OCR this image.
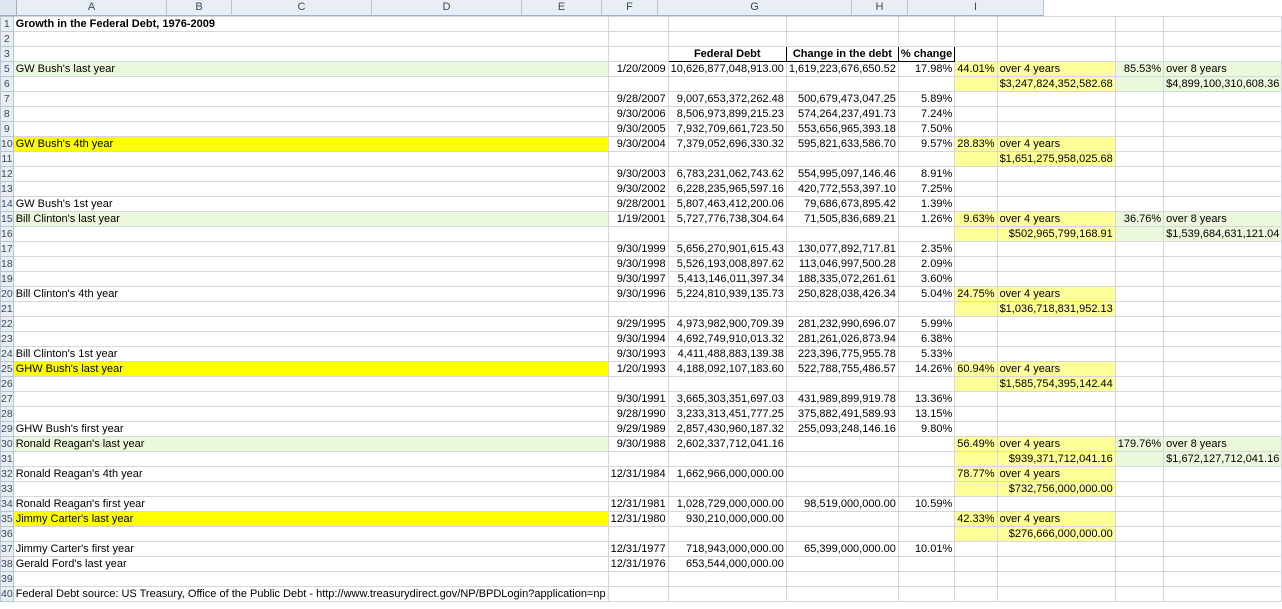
A	B	C	D	E	F	G	H	I
1	Growth in the Federal Debt, 1976-2009								
2									
3			Federal Debt	Change in the debt	% change				
5	GW Bush's last year	1/20/2009	10,626,877,048,913.00	1,619,223,676,650.52	17.98%	44.01%	over 4 years	85.53%	over 8 years
6							$3,247,824,352,582.68		$4,899,100,310,608.36
7		9/28/2007	9,007,653,372,262.48	500,679,473,047.25	5.89%				
8		9/30/2006	8,506,973,899,215.23	574,264,237,491.73	7.24%				
9		9/30/2005	7,932,709,661,723.50	553,656,965,393.18	7.50%				
10	GW Bush's 4th year	9/30/2004	7,379,052,696,330.32	595,821,633,586.70	9.57%	28.83%	over 4 years		
11							$1,651,275,958,025.68		
12		9/30/2003	6,783,231,062,743.62	554,995,097,146.46	8.91%				
13		9/30/2002	6,228,235,965,597.16	420,772,553,397.10	7.25%				
14	GW Bush's 1st year	9/28/2001	5,807,463,412,200.06	79,686,673,895.42	1.39%				
15	Bill Clinton's last year	1/19/2001	5,727,776,738,304.64	71,505,836,689.21	1.26%	9.63%	over 4 years	36.76%	over 8 years
16							$502,965,799,168.91		$1,539,684,631,121.04
17		9/30/1999	5,656,270,901,615.43	130,077,892,717.81	2.35%				
18		9/30/1998	5,526,193,008,897.62	113,046,997,500.28	2.09%				
19		9/30/1997	5,413,146,011,397.34	188,335,072,261.61	3.60%				
20	Bill Clinton's 4th year	9/30/1996	5,224,810,939,135.73	250,828,038,426.34	5.04%	24.75%	over 4 years		
21							$1,036,718,831,952.13		
22		9/29/1995	4,973,982,900,709.39	281,232,990,696.07	5.99%				
23		9/30/1994	4,692,749,910,013.32	281,261,026,873.94	6.38%				
24	Bill Clinton's 1st year	9/30/1993	4,411,488,883,139.38	223,396,775,955.78	5.33%				
25	GHW Bush's last year	1/20/1993	4,188,092,107,183.60	522,788,755,486.57	14.26%	60.94%	over 4 years		
26							$1,585,754,395,142.44		
27		9/30/1991	3,665,303,351,697.03	431,989,899,919.78	13.36%				
28		9/28/1990	3,233,313,451,777.25	375,882,491,589.93	13.15%				
29	GHW Bush's first year	9/29/1989	2,857,430,960,187.32	255,093,248,146.16	9.80%				
30	Ronald Reagan's last year	9/30/1988	2,602,337,712,041.16			56.49%	over 4 years	179.76%	over 8 years
31							$939,371,712,041.16		$1,672,127,712,041.16
32	Ronald Reagan's 4th year	12/31/1984	1,662,966,000,000.00			78.77%	over 4 years		
33							$732,756,000,000.00		
34	Ronald Reagan's first year	12/31/1981	1,028,729,000,000.00	98,519,000,000.00	10.59%				
35	Jimmy Carter's last year	12/31/1980	930,210,000,000.00			42.33%	over 4 years		
36							$276,666,000,000.00		
37	Jimmy Carter's first year	12/31/1977	718,943,000,000.00	65,399,000,000.00	10.01%				
38	Gerald Ford's last year	12/31/1976	653,544,000,000.00						
39									
40	Federal Debt source: US Treasury, Office of the Public Debt - http://www.treasurydirect.gov/NP/BPDLogin?application=np								
